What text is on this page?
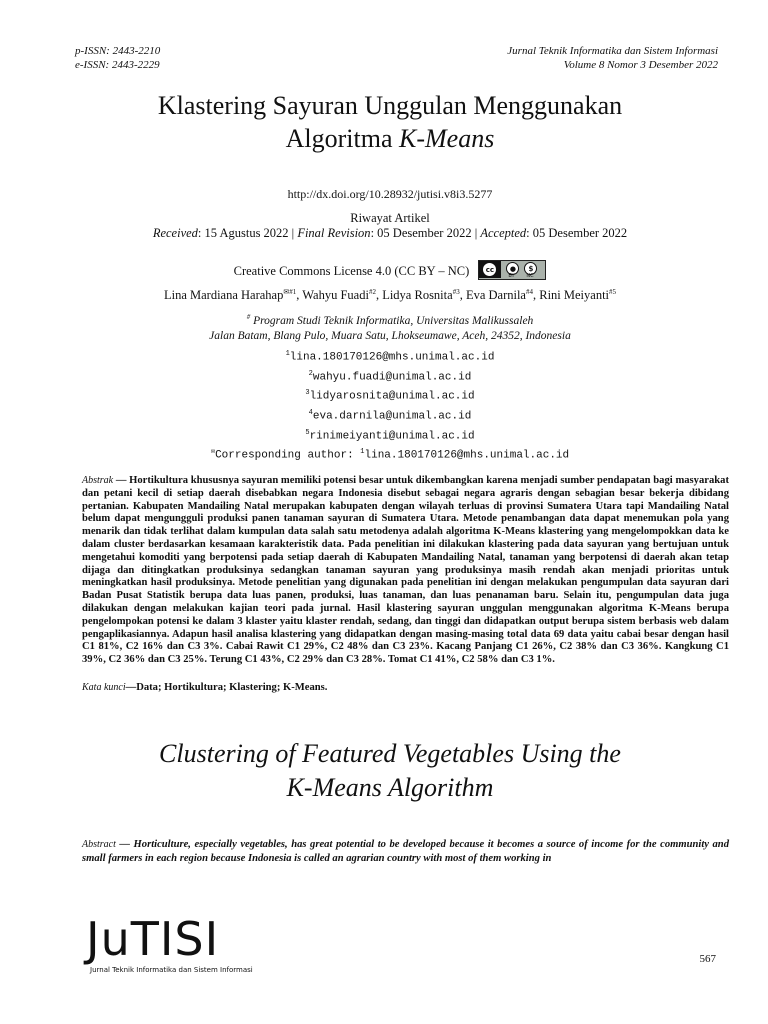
p-ISSN: 2443-2210
e-ISSN: 2443-2229
Jurnal Teknik Informatika dan Sistem Informasi
Volume 8 Nomor 3 Desember 2022
Klastering Sayuran Unggulan Menggunakan
Algoritma K-Means
http://dx.doi.org/10.28932/jutisi.v8i3.5277
Riwayat Artikel
Received: 15 Agustus 2022 | Final Revision: 05 Desember 2022 | Accepted: 05 Desember 2022
Creative Commons License 4.0 (CC BY – NC)	cc	●	$
BY NC
Lina Mardiana Harahap$^{✉\#1}$, Wahyu Fuadi$^{\#2}$, Lidya Rosnita$^{\#3}$, Eva Darnila$^{\#4}$, Rini Meiyanti$^{\#5}$
# Program Studi Teknik Informatika, Universitas Malikussaleh
Jalan Batam, Blang Pulo, Muara Satu, Lhokseumawe, Aceh, 24352, Indonesia
$^1$lina.180170126@mhs.unimal.ac.id
$^2$wahyu.fuadi@unimal.ac.id
$^3$lidyarosnita@unimal.ac.id
$^4$eva.darnila@unimal.ac.id
$^5$rinimeiyanti@unimal.ac.id
✉Corresponding author: $^1$lina.180170126@mhs.unimal.ac.id
Abstrak — Hortikultura khususnya sayuran memiliki potensi besar untuk dikembangkan karena menjadi sumber pendapatan bagi masyarakat dan petani kecil di setiap daerah disebabkan negara Indonesia disebut sebagai negara agraris dengan sebagian besar bekerja dibidang pertanian. Kabupaten Mandailing Natal merupakan kabupaten dengan wilayah terluas di provinsi Sumatera Utara tapi Mandailing Natal belum dapat mengungguli produksi panen tanaman sayuran di Sumatera Utara. Metode penambangan data dapat menemukan pola yang menarik dan tidak terlihat dalam kumpulan data salah satu metodenya adalah algoritma K-Means klastering yang mengelompokkan data ke dalam cluster berdasarkan kesamaan karakteristik data. Pada penelitian ini dilakukan klastering pada data sayuran yang bertujuan untuk mengetahui komoditi yang berpotensi pada setiap daerah di Kabupaten Mandailing Natal, tanaman yang berpotensi di daerah akan tetap dijaga dan ditingkatkan produksinya sedangkan tanaman sayuran yang produksinya masih rendah akan menjadi prioritas untuk meningkatkan hasil produksinya. Metode penelitian yang digunakan pada penelitian ini dengan melakukan pengumpulan data sayuran dari Badan Pusat Statistik berupa data luas panen, produksi, luas tanaman, dan luas penanaman baru. Selain itu, pengumpulan data juga dilakukan dengan melakukan kajian teori pada jurnal. Hasil klastering sayuran unggulan menggunakan algoritma K-Means berupa pengelompokan potensi ke dalam 3 klaster yaitu klaster rendah, sedang, dan tinggi dan didapatkan output berupa sistem berbasis web dalam pengaplikasiannya. Adapun hasil analisa klastering yang didapatkan dengan masing-masing total data 69 data yaitu cabai besar dengan hasil C1 81%, C2 16% dan C3 3%. Cabai Rawit C1 29%, C2 48% dan C3 23%. Kacang Panjang C1 26%, C2 38% dan C3 36%. Kangkung C1 39%, C2 36% dan C3 25%. Terung C1 43%, C2 29% dan C3 28%. Tomat C1 41%, C2 58% dan C3 1%.
Kata kunci—Data; Hortikultura; Klastering; K-Means.
Clustering of Featured Vegetables Using the
K-Means Algorithm
Abstract — Horticulture, especially vegetables, has great potential to be developed because it becomes a source of income for the community and small farmers in each region because Indonesia is called an agrarian country with most of them working in
JuTISI
Jurnal Teknik Informatika dan Sistem Informasi
567
